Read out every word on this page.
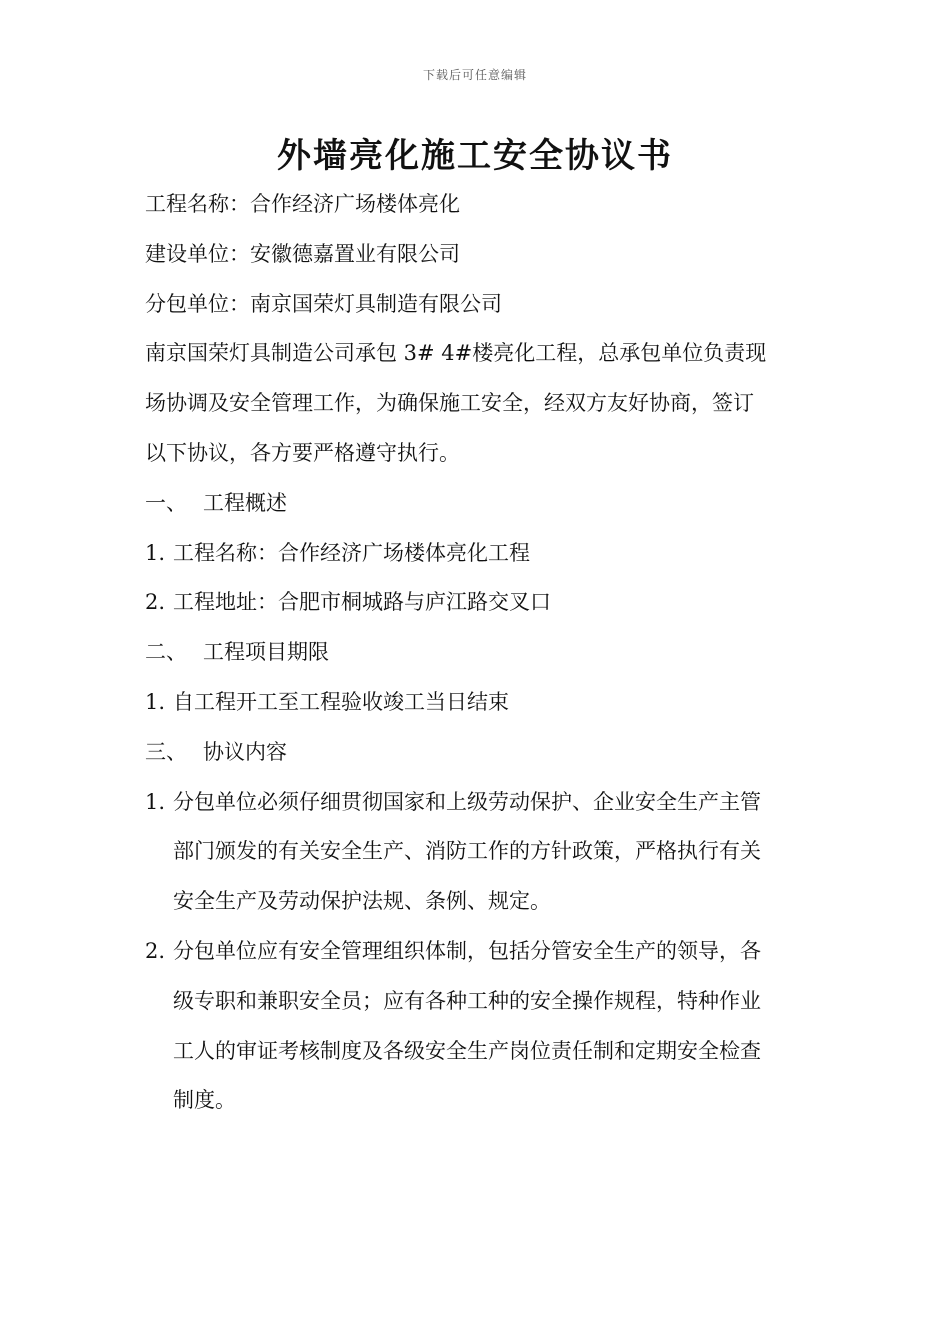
下载后可任意编辑
外墙亮化施工安全协议书
工程名称：合作经济广场楼体亮化
建设单位：安徽德嘉置业有限公司
分包单位：南京国荣灯具制造有限公司
南京国荣灯具制造公司承包 3# 4#楼亮化工程，总承包单位负责现
场协调及安全管理工作，为确保施工安全，经双方友好协商，签订
以下协议，各方要严格遵守执行。
一、 工程概述
1. 工程名称：合作经济广场楼体亮化工程
2. 工程地址：合肥市桐城路与庐江路交叉口
二、 工程项目期限
1. 自工程开工至工程验收竣工当日结束
三、 协议内容
1. 分包单位必须仔细贯彻国家和上级劳动保护、企业安全生产主管
部门颁发的有关安全生产、消防工作的方针政策，严格执行有关
安全生产及劳动保护法规、条例、规定。
2. 分包单位应有安全管理组织体制，包括分管安全生产的领导，各
级专职和兼职安全员；应有各种工种的安全操作规程，特种作业
工人的审证考核制度及各级安全生产岗位责任制和定期安全检查
制度。
